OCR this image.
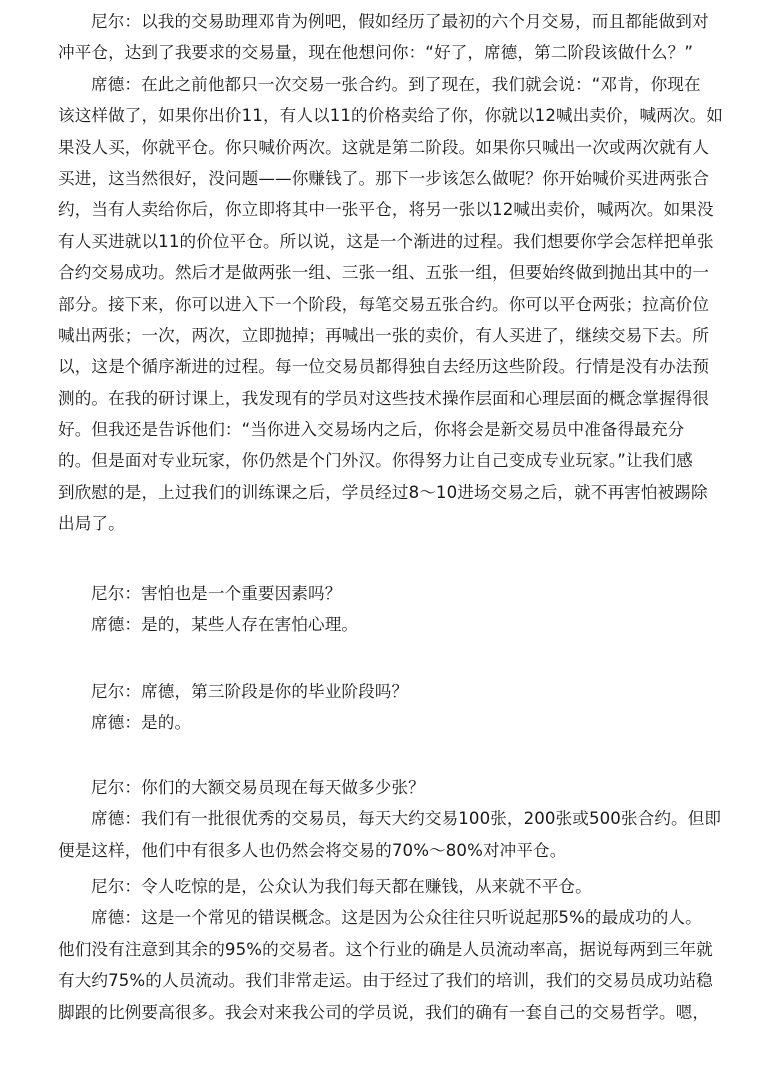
尼尔：以我的交易助理邓肯为例吧，假如经历了最初的六个月交易，而且都能做到对
冲平仓，达到了我要求的交易量，现在他想问你：“好了，席德，第二阶段该做什么？”
席德：在此之前他都只一次交易一张合约。到了现在，我们就会说：“邓肯，你现在
该这样做了，如果你出价11，有人以11的价格卖给了你，你就以12喊出卖价，喊两次。如
果没人买，你就平仓。你只喊价两次。这就是第二阶段。如果你只喊出一次或两次就有人
买进，这当然很好，没问题——你赚钱了。那下一步该怎么做呢？你开始喊价买进两张合
约，当有人卖给你后，你立即将其中一张平仓，将另一张以12喊出卖价，喊两次。如果没
有人买进就以11的价位平仓。所以说，这是一个渐进的过程。我们想要你学会怎样把单张
合约交易成功。然后才是做两张一组、三张一组、五张一组，但要始终做到抛出其中的一
部分。接下来，你可以进入下一个阶段，每笔交易五张合约。你可以平仓两张；拉高价位
喊出两张；一次，两次，立即抛掉；再喊出一张的卖价，有人买进了，继续交易下去。所
以，这是个循序渐进的过程。每一位交易员都得独自去经历这些阶段。行情是没有办法预
测的。在我的研讨课上，我发现有的学员对这些技术操作层面和心理层面的概念掌握得很
好。但我还是告诉他们：“当你进入交易场内之后，你将会是新交易员中准备得最充分
的。但是面对专业玩家，你仍然是个门外汉。你得努力让自己变成专业玩家。”让我们感
到欣慰的是，上过我们的训练课之后，学员经过8～10进场交易之后，就不再害怕被踢除
出局了。
尼尔：害怕也是一个重要因素吗？
席德：是的，某些人存在害怕心理。
尼尔：席德，第三阶段是你的毕业阶段吗？
席德：是的。
尼尔：你们的大额交易员现在每天做多少张？
席德：我们有一批很优秀的交易员，每天大约交易100张，200张或500张合约。但即
便是这样，他们中有很多人也仍然会将交易的70%～80%对冲平仓。
尼尔：令人吃惊的是，公众认为我们每天都在赚钱，从来就不平仓。
席德：这是一个常见的错误概念。这是因为公众往往只听说起那5%的最成功的人。
他们没有注意到其余的95%的交易者。这个行业的确是人员流动率高，据说每两到三年就
有大约75%的人员流动。我们非常走运。由于经过了我们的培训，我们的交易员成功站稳
脚跟的比例要高很多。我会对来我公司的学员说，我们的确有一套自己的交易哲学。嗯，
